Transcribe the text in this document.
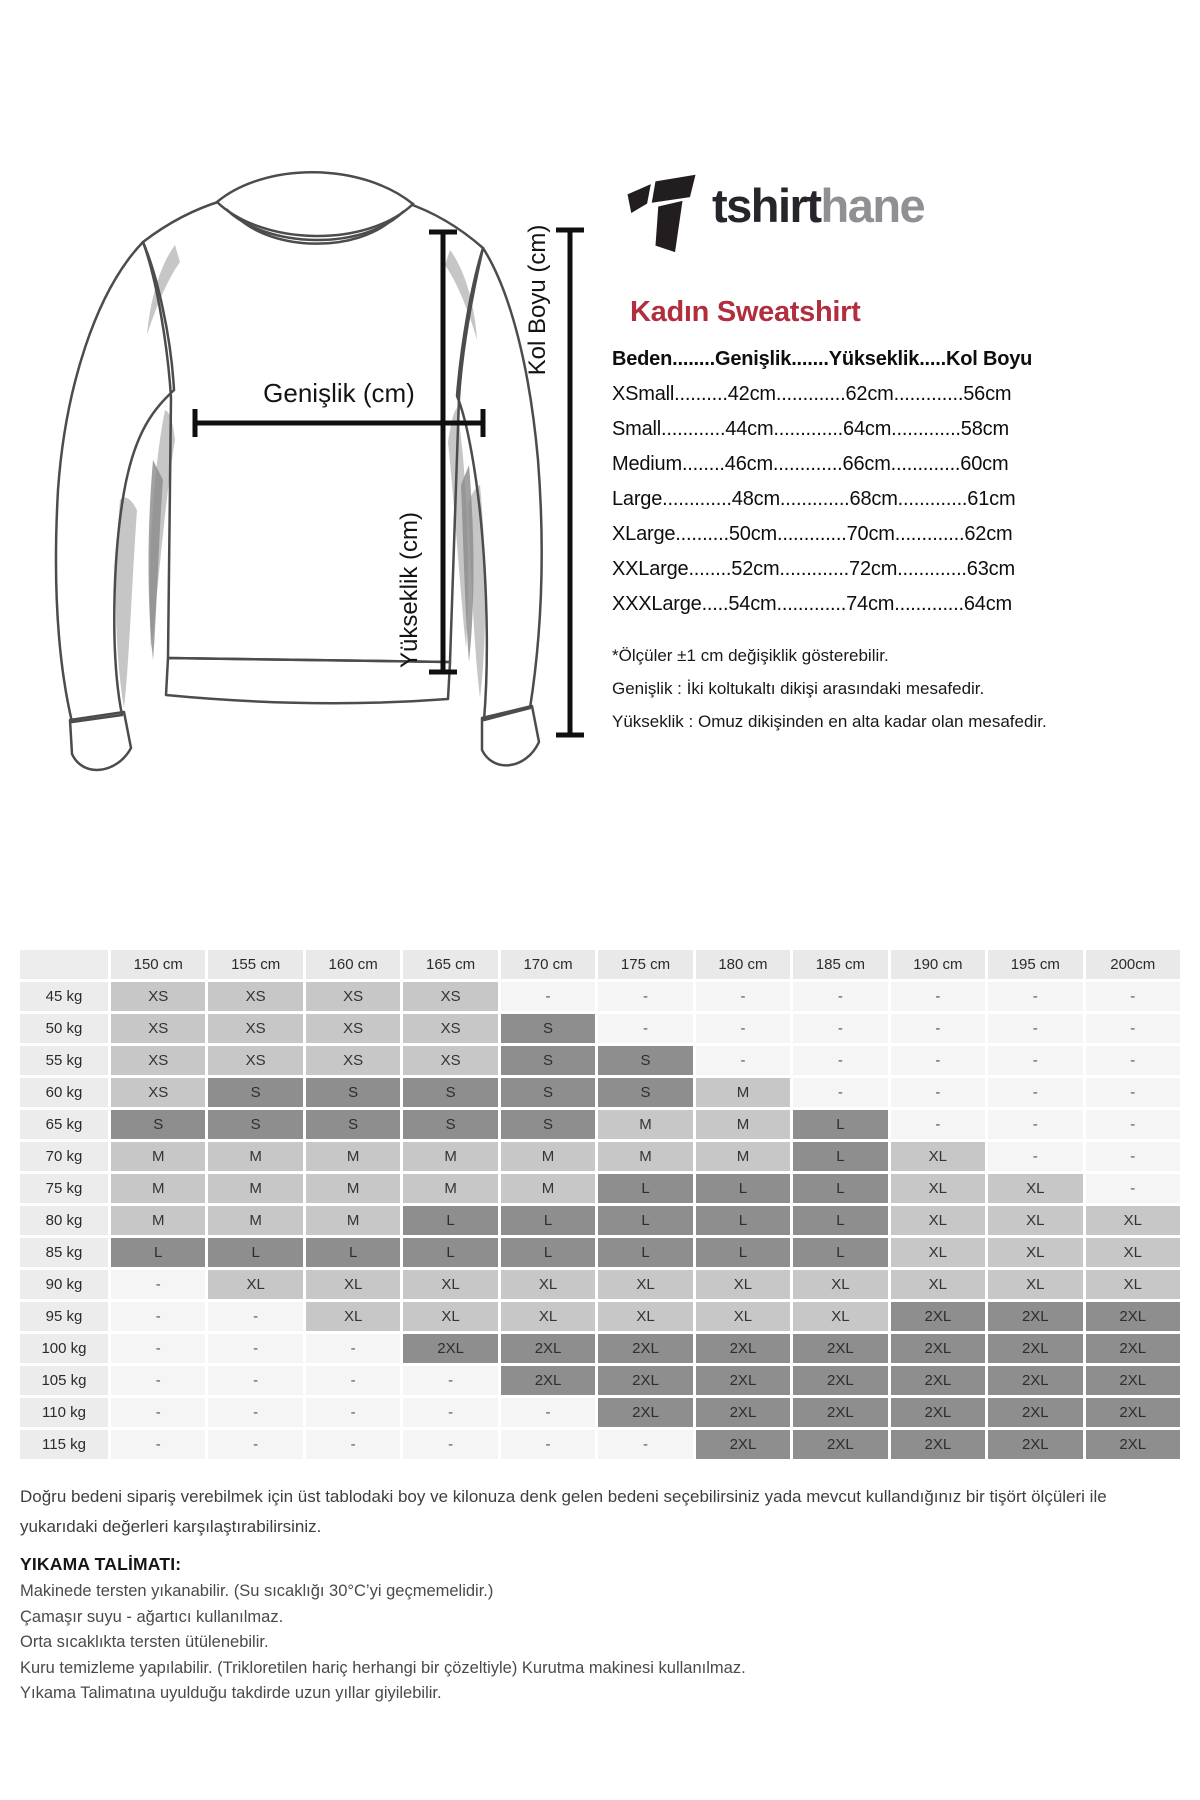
Genişlik (cm)
Yükseklik (cm)
Kol Boyu (cm)
tshirthane
Kadın Sweatshirt
Beden........Genişlik.......Yükseklik.....Kol Boyu
XSmall..........42cm.............62cm.............56cm
Small............44cm.............64cm.............58cm
Medium........46cm.............66cm.............60cm
Large.............48cm.............68cm.............61cm
XLarge..........50cm.............70cm.............62cm
XXLarge........52cm.............72cm.............63cm
XXXLarge.....54cm.............74cm.............64cm
*Ölçüler ±1 cm değişiklik gösterebilir.
Genişlik : İki koltukaltı dikişi arasındaki mesafedir.
Yükseklik : Omuz dikişinden en alta kadar olan mesafedir.
150 cm	155 cm	160 cm	165 cm	170 cm	175 cm	180 cm	185 cm	190 cm	195 cm	200cm
45 kg	XS	XS	XS	XS	-	-	-	-	-	-	-
50 kg	XS	XS	XS	XS	S	-	-	-	-	-	-
55 kg	XS	XS	XS	XS	S	S	-	-	-	-	-
60 kg	XS	S	S	S	S	S	M	-	-	-	-
65 kg	S	S	S	S	S	M	M	L	-	-	-
70 kg	M	M	M	M	M	M	M	L	XL	-	-
75 kg	M	M	M	M	M	L	L	L	XL	XL	-
80 kg	M	M	M	L	L	L	L	L	XL	XL	XL
85 kg	L	L	L	L	L	L	L	L	XL	XL	XL
90 kg	-	XL	XL	XL	XL	XL	XL	XL	XL	XL	XL
95 kg	-	-	XL	XL	XL	XL	XL	XL	2XL	2XL	2XL
100 kg	-	-	-	2XL	2XL	2XL	2XL	2XL	2XL	2XL	2XL
105 kg	-	-	-	-	2XL	2XL	2XL	2XL	2XL	2XL	2XL
110 kg	-	-	-	-	-	2XL	2XL	2XL	2XL	2XL	2XL
115 kg	-	-	-	-	-	-	2XL	2XL	2XL	2XL	2XL
Doğru bedeni sipariş verebilmek için üst tablodaki boy ve kilonuza denk gelen bedeni seçebilirsiniz yada mevcut kullandığınız bir tişört ölçüleri ile yukarıdaki değerleri karşılaştırabilirsiniz.
YIKAMA TALİMATI:
Makinede tersten yıkanabilir. (Su sıcaklığı 30°C’yi geçmemelidir.)
Çamaşır suyu - ağartıcı kullanılmaz.
Orta sıcaklıkta tersten ütülenebilir.
Kuru temizleme yapılabilir. (Trikloretilen hariç herhangi bir çözeltiyle) Kurutma makinesi kullanılmaz.
Yıkama Talimatına uyulduğu takdirde uzun yıllar giyilebilir.
